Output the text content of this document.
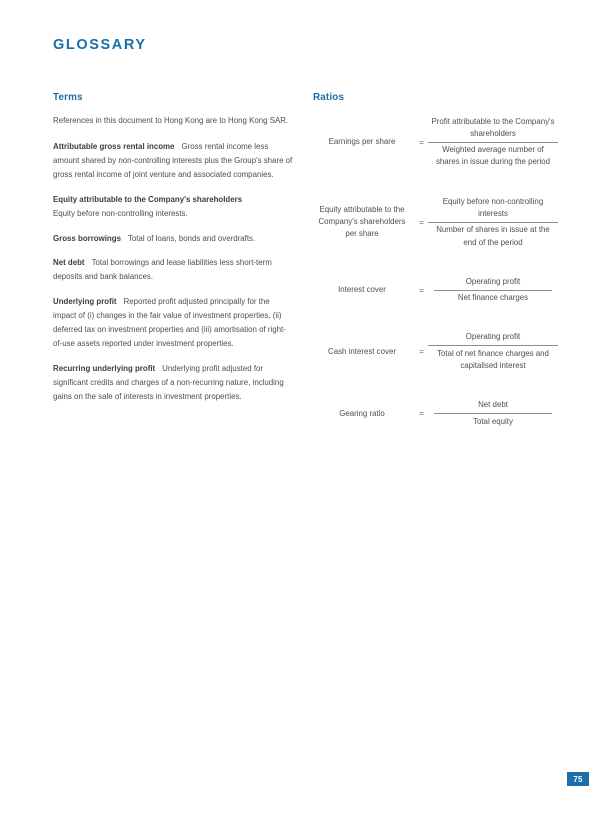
GLOSSARY
Terms
References in this document to Hong Kong are to Hong Kong SAR.
Attributable gross rental income Gross rental income less amount shared by non-controlling interests plus the Group's share of gross rental income of joint venture and associated companies.
Equity attributable to the Company's shareholders
Equity before non-controlling interests.
Gross borrowings Total of loans, bonds and overdrafts.
Net debt Total borrowings and lease liabilities less short-term deposits and bank balances.
Underlying profit Reported profit adjusted principally for the impact of (i) changes in the fair value of investment properties, (ii) deferred tax on investment properties and (iii) amortisation of right-of-use assets reported under investment properties.
Recurring underlying profit Underlying profit adjusted for significant credits and charges of a non-recurring nature, including gains on the sale of interests in investment properties.
Ratios
Earnings per share	=	$\frac{\text{Profit attributable to the Company's shareholders}}{\text{Weighted average number of shares in issue during the period}}$

Equity attributable to the Company's shareholders per share	=	$\frac{\text{Equity before non-controlling interests}}{\text{Number of shares in issue at the end of the period}}$

Interest cover	=	$\frac{\text{Operating profit}}{\text{Net finance charges}}$

Cash interest cover	=	$\frac{\text{Operating profit}}{\text{Total of net finance charges and capitalised interest}}$

Gearing ratio	=	$\frac{\text{Net debt}}{\text{Total equity}}$
75
